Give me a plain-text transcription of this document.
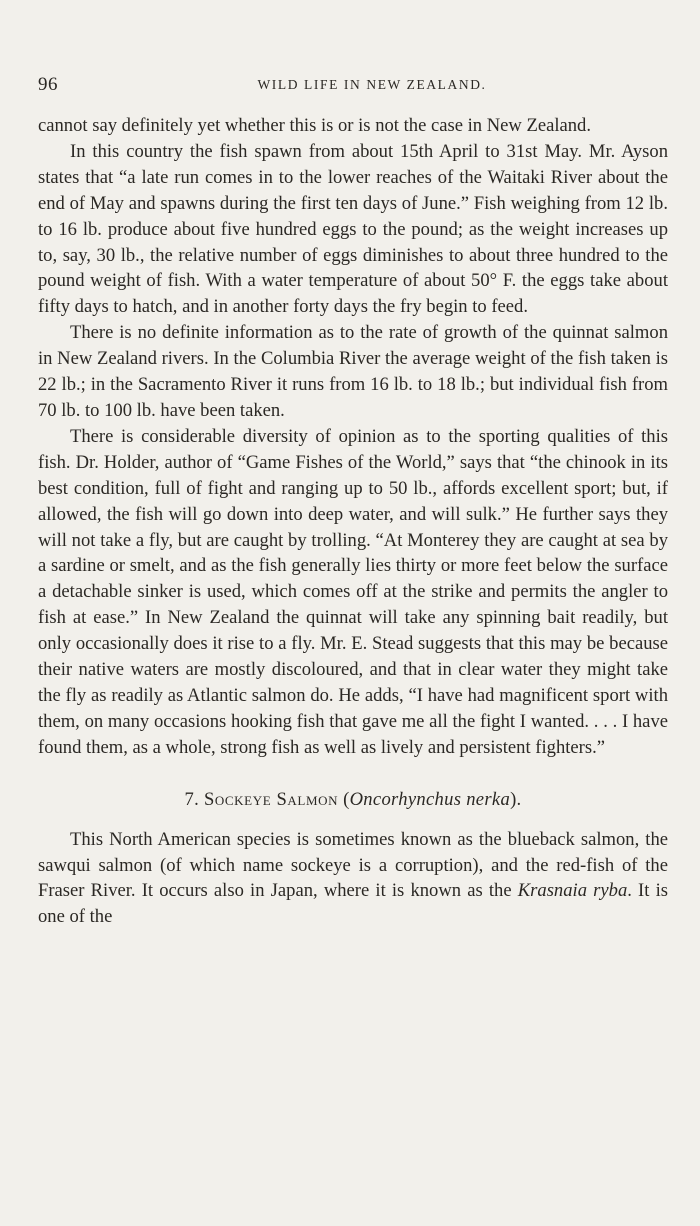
96	WILD LIFE IN NEW ZEALAND.

cannot say definitely yet whether this is or is not the case in New Zealand.

In this country the fish spawn from about 15th April to 31st May. Mr. Ayson states that “a late run comes in to the lower reaches of the Waitaki River about the end of May and spawns during the first ten days of June.” Fish weighing from 12 lb. to 16 lb. produce about five hundred eggs to the pound; as the weight increases up to, say, 30 lb., the relative number of eggs diminishes to about three hundred to the pound weight of fish. With a water temperature of about 50° F. the eggs take about fifty days to hatch, and in another forty days the fry begin to feed.

There is no definite information as to the rate of growth of the quinnat salmon in New Zealand rivers. In the Columbia River the average weight of the fish taken is 22 lb.; in the Sacramento River it runs from 16 lb. to 18 lb.; but individual fish from 70 lb. to 100 lb. have been taken.

There is considerable diversity of opinion as to the sporting qualities of this fish. Dr. Holder, author of “Game Fishes of the World,” says that “the chinook in its best condition, full of fight and ranging up to 50 lb., affords excellent sport; but, if allowed, the fish will go down into deep water, and will sulk.” He further says they will not take a fly, but are caught by trolling. “At Monterey they are caught at sea by a sardine or smelt, and as the fish generally lies thirty or more feet below the surface a detachable sinker is used, which comes off at the strike and permits the angler to fish at ease.” In New Zealand the quinnat will take any spinning bait readily, but only occasionally does it rise to a fly. Mr. E. Stead suggests that this may be because their native waters are mostly discoloured, and that in clear water they might take the fly as readily as Atlantic salmon do. He adds, “I have had magnificent sport with them, on many occasions hooking fish that gave me all the fight I wanted. . . . I have found them, as a whole, strong fish as well as lively and persistent fighters.”

7. Sockeye Salmon (Oncorhynchus nerka).

This North American species is sometimes known as the blueback salmon, the sawqui salmon (of which name sockeye is a corruption), and the red-fish of the Fraser River. It occurs also in Japan, where it is known as the Krasnaia ryba. It is one of the
